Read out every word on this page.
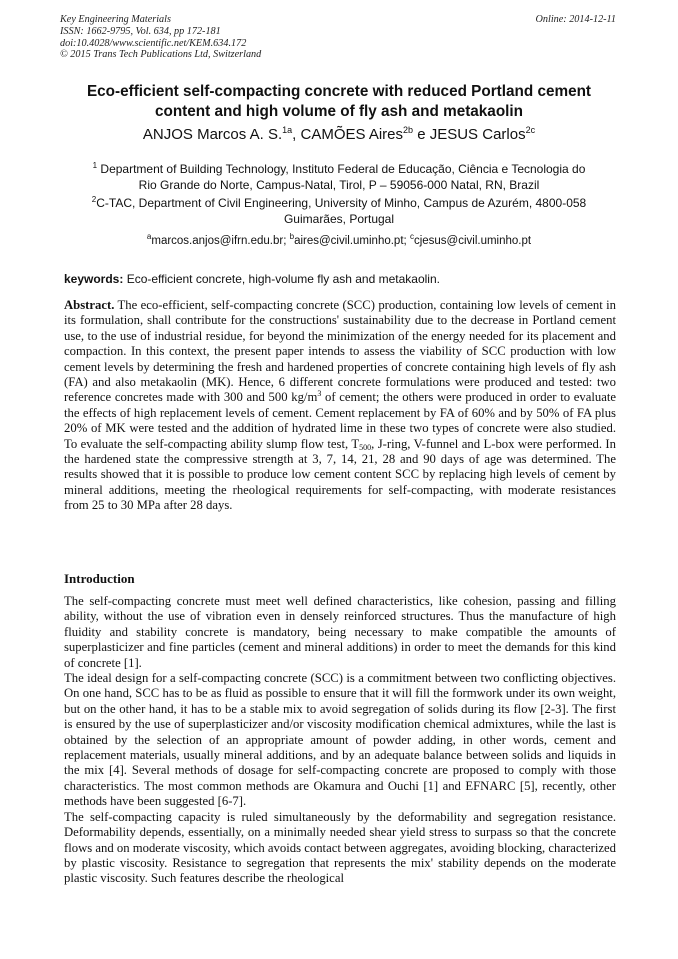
Key Engineering Materials
ISSN: 1662-9795, Vol. 634, pp 172-181
doi:10.4028/www.scientific.net/KEM.634.172
© 2015 Trans Tech Publications Ltd, Switzerland
Online: 2014-12-11
Eco-efficient self-compacting concrete with reduced Portland cement
content and high volume of fly ash and metakaolin
ANJOS Marcos A. S.$^{1a}$, CAMÕES Aires$^{2b}$ e JESUS Carlos$^{2c}$
$^1$ Department of Building Technology, Instituto Federal de Educação, Ciência e Tecnologia do
Rio Grande do Norte, Campus-Natal, Tirol, P – 59056-000 Natal, RN, Brazil
$^2$C-TAC, Department of Civil Engineering, University of Minho, Campus de Azurém, 4800-058
Guimarães, Portugal
$^a$marcos.anjos@ifrn.edu.br; $^b$aires@civil.uminho.pt; $^c$cjesus@civil.uminho.pt
keywords: Eco-efficient concrete, high-volume fly ash and metakaolin.

Abstract. The eco-efficient, self-compacting concrete (SCC) production, containing low levels of cement in its formulation, shall contribute for the constructions' sustainability due to the decrease in Portland cement use, to the use of industrial residue, for beyond the minimization of the energy needed for its placement and compaction. In this context, the present paper intends to assess the viability of SCC production with low cement levels by determining the fresh and hardened properties of concrete containing high levels of fly ash (FA) and also metakaolin (MK). Hence, 6 different concrete formulations were produced and tested: two reference concretes made with 300 and 500 $kg/m^3$ of cement; the others were produced in order to evaluate the effects of high replacement levels of cement. Cement replacement by FA of 60% and by 50% of FA plus 20% of MK were tested and the addition of hydrated lime in these two types of concrete were also studied. To evaluate the self-compacting ability slump flow test, $T_{500}$, J-ring, V-funnel and L-box were performed. In the hardened state the compressive strength at 3, 7, 14, 21, 28 and 90 days of age was determined. The results showed that it is possible to produce low cement content SCC by replacing high levels of cement by mineral additions, meeting the rheological requirements for self-compacting, with moderate resistances from 25 to 30 MPa after 28 days.

Introduction

The self-compacting concrete must meet well defined characteristics, like cohesion, passing and filling ability, without the use of vibration even in densely reinforced structures. Thus the manufacture of high fluidity and stability concrete is mandatory, being necessary to make compatible the amounts of superplasticizer and fine particles (cement and mineral additions) in order to meet the demands for this kind of concrete [1].

The ideal design for a self-compacting concrete (SCC) is a commitment between two conflicting objectives. On one hand, SCC has to be as fluid as possible to ensure that it will fill the formwork under its own weight, but on the other hand, it has to be a stable mix to avoid segregation of solids during its flow [2-3]. The first is ensured by the use of superplasticizer and/or viscosity modification chemical admixtures, while the last is obtained by the selection of an appropriate amount of powder adding, in other words, cement and replacement materials, usually mineral additions, and by an adequate balance between solids and liquids in the mix [4]. Several methods of dosage for self-compacting concrete are proposed to comply with those characteristics. The most common methods are Okamura and Ouchi [1] and EFNARC [5], recently, other methods have been suggested [6-7].

The self-compacting capacity is ruled simultaneously by the deformability and segregation resistance. Deformability depends, essentially, on a minimally needed shear yield stress to surpass so that the concrete flows and on moderate viscosity, which avoids contact between aggregates, avoiding blocking, characterized by plastic viscosity. Resistance to segregation that represents the mix' stability depends on the moderate plastic viscosity. Such features describe the rheological
